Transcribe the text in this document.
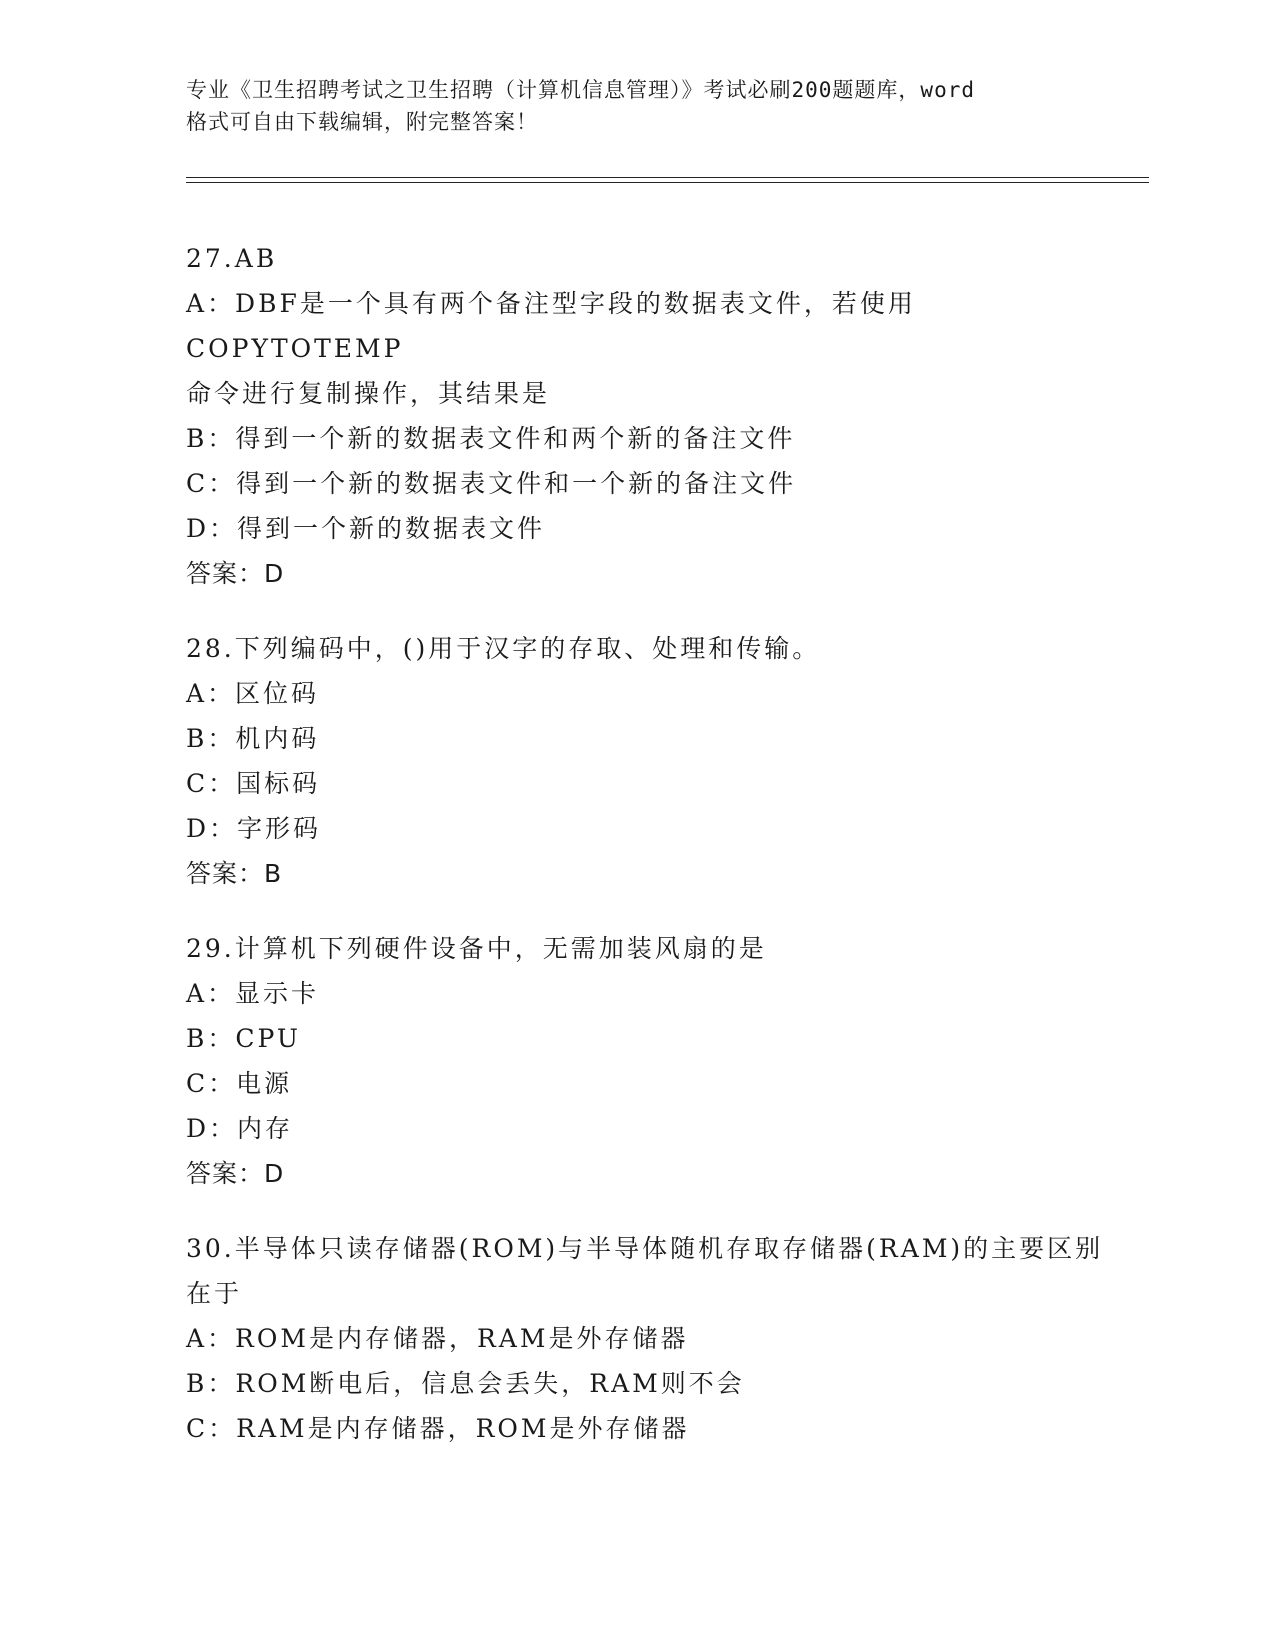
专业《卫生招聘考试之卫生招聘（计算机信息管理）》考试必刷200题题库，word
格式可自由下载编辑，附完整答案！
27.AB
A：DBF是一个具有两个备注型字段的数据表文件，若使用COPYTOTEMP
命令进行复制操作，其结果是
B：得到一个新的数据表文件和两个新的备注文件
C：得到一个新的数据表文件和一个新的备注文件
D：得到一个新的数据表文件
答案：D
28.下列编码中，()用于汉字的存取、处理和传输。
A：区位码
B：机内码
C：国标码
D：字形码
答案：B
29.计算机下列硬件设备中，无需加装风扇的是
A：显示卡
B：CPU
C：电源
D：内存
答案：D
30.半导体只读存储器(ROM)与半导体随机存取存储器(RAM)的主要区别
在于
A：ROM是内存储器，RAM是外存储器
B：ROM断电后，信息会丢失，RAM则不会
C：RAM是内存储器，ROM是外存储器
